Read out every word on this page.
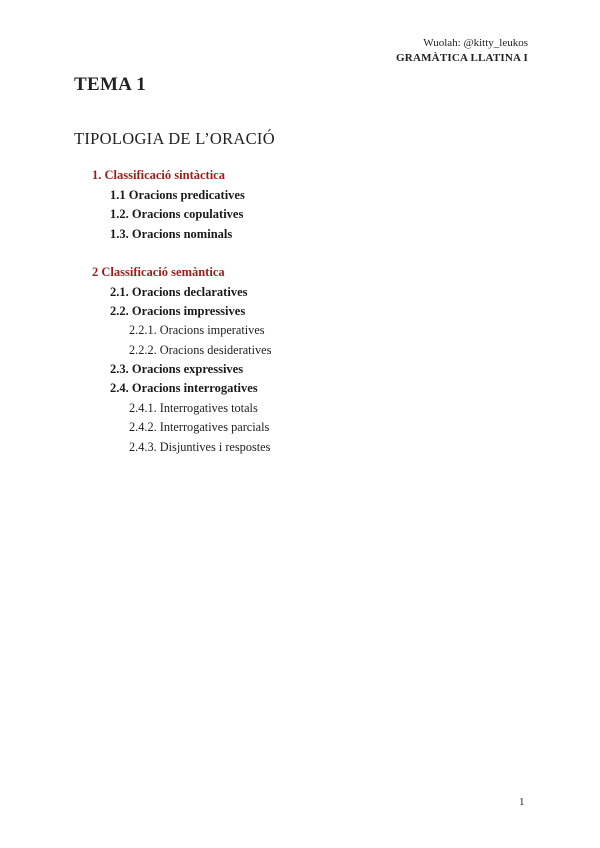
Wuolah: @kitty_leukos
GRAMÀTICA LLATINA I
TEMA 1
TIPOLOGIA DE L’ORACIÓ
1. Classificació sintàctica
1.1 Oracions predicatives
1.2. Oracions copulatives
1.3. Oracions nominals
2 Classificació semàntica
2.1. Oracions declaratives
2.2. Oracions impressives
2.2.1. Oracions imperatives
2.2.2. Oracions desideratives
2.3. Oracions expressives
2.4. Oracions interrogatives
2.4.1. Interrogatives totals
2.4.2. Interrogatives parcials
2.4.3. Disjuntives i respostes
1
